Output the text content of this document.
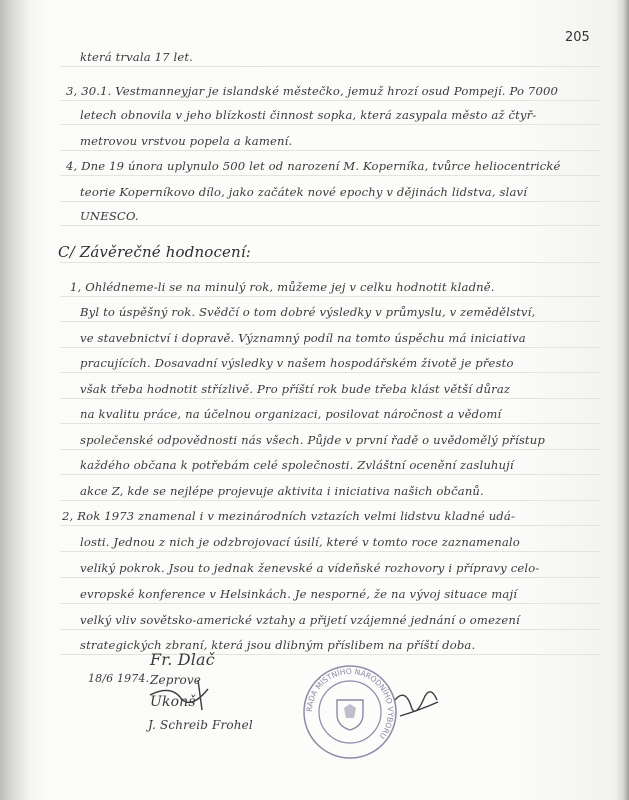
205
která trvala 17 let.
3, 30.1. Vestmanneyjar je islandské městečko, jemuž hrozí osud Pompejí. Po 7000
letech obnovila v jeho blízkosti činnost sopka, která zasypala město až čtyř-
metrovou vrstvou popela a kamení.
4, Dne 19 února uplynulo 500 let od narození M. Koperníka, tvůrce heliocentrické
teorie Koperníkovo dílo, jako začátek nové epochy v dějinách lidstva, slaví
UNESCO.
C/ Závěrečné hodnocení:
1, Ohlédneme-li se na minulý rok, můžeme jej v celku hodnotit kladně.
Byl to úspěšný rok. Svědčí o tom dobré výsledky v průmyslu, v zemědělství,
ve stavebnictví i dopravě. Významný podíl na tomto úspěchu má iniciativa
pracujících. Dosavadní výsledky v našem hospodářském životě je přesto
však třeba hodnotit střízlivě. Pro příští rok bude třeba klást větší důraz
na kvalitu práce, na účelnou organizaci, posilovat náročnost a vědomí
společenské odpovědnosti nás všech. Půjde v první řadě o uvědomělý přístup
každého občana k potřebám celé společnosti. Zvláštní ocenění zasluhují
akce Z, kde se nejlépe projevuje aktivita i iniciativa našich občanů.
2, Rok 1973 znamenal i v mezinárodních vztazích velmi lidstvu kladné udá-
losti. Jednou z nich je odzbrojovací úsilí, které v tomto roce zaznamenalo
veliký pokrok. Jsou to jednak ženevské a vídeňské rozhovory i přípravy celo-
evropské konference v Helsinkách. Je nesporné, že na vývoj situace mají
velký vliv sovětsko-americké vztahy a přijetí vzájemné jednání o omezení
strategických zbraní, která jsou dlibným příslibem na příští doba.
18/6 1974.
Fr. Dlač
Zeprove
Ukonš
J. Schreib Frohel
RADA MÍSTNÍHO NÁRODNÍHO VÝBORU
